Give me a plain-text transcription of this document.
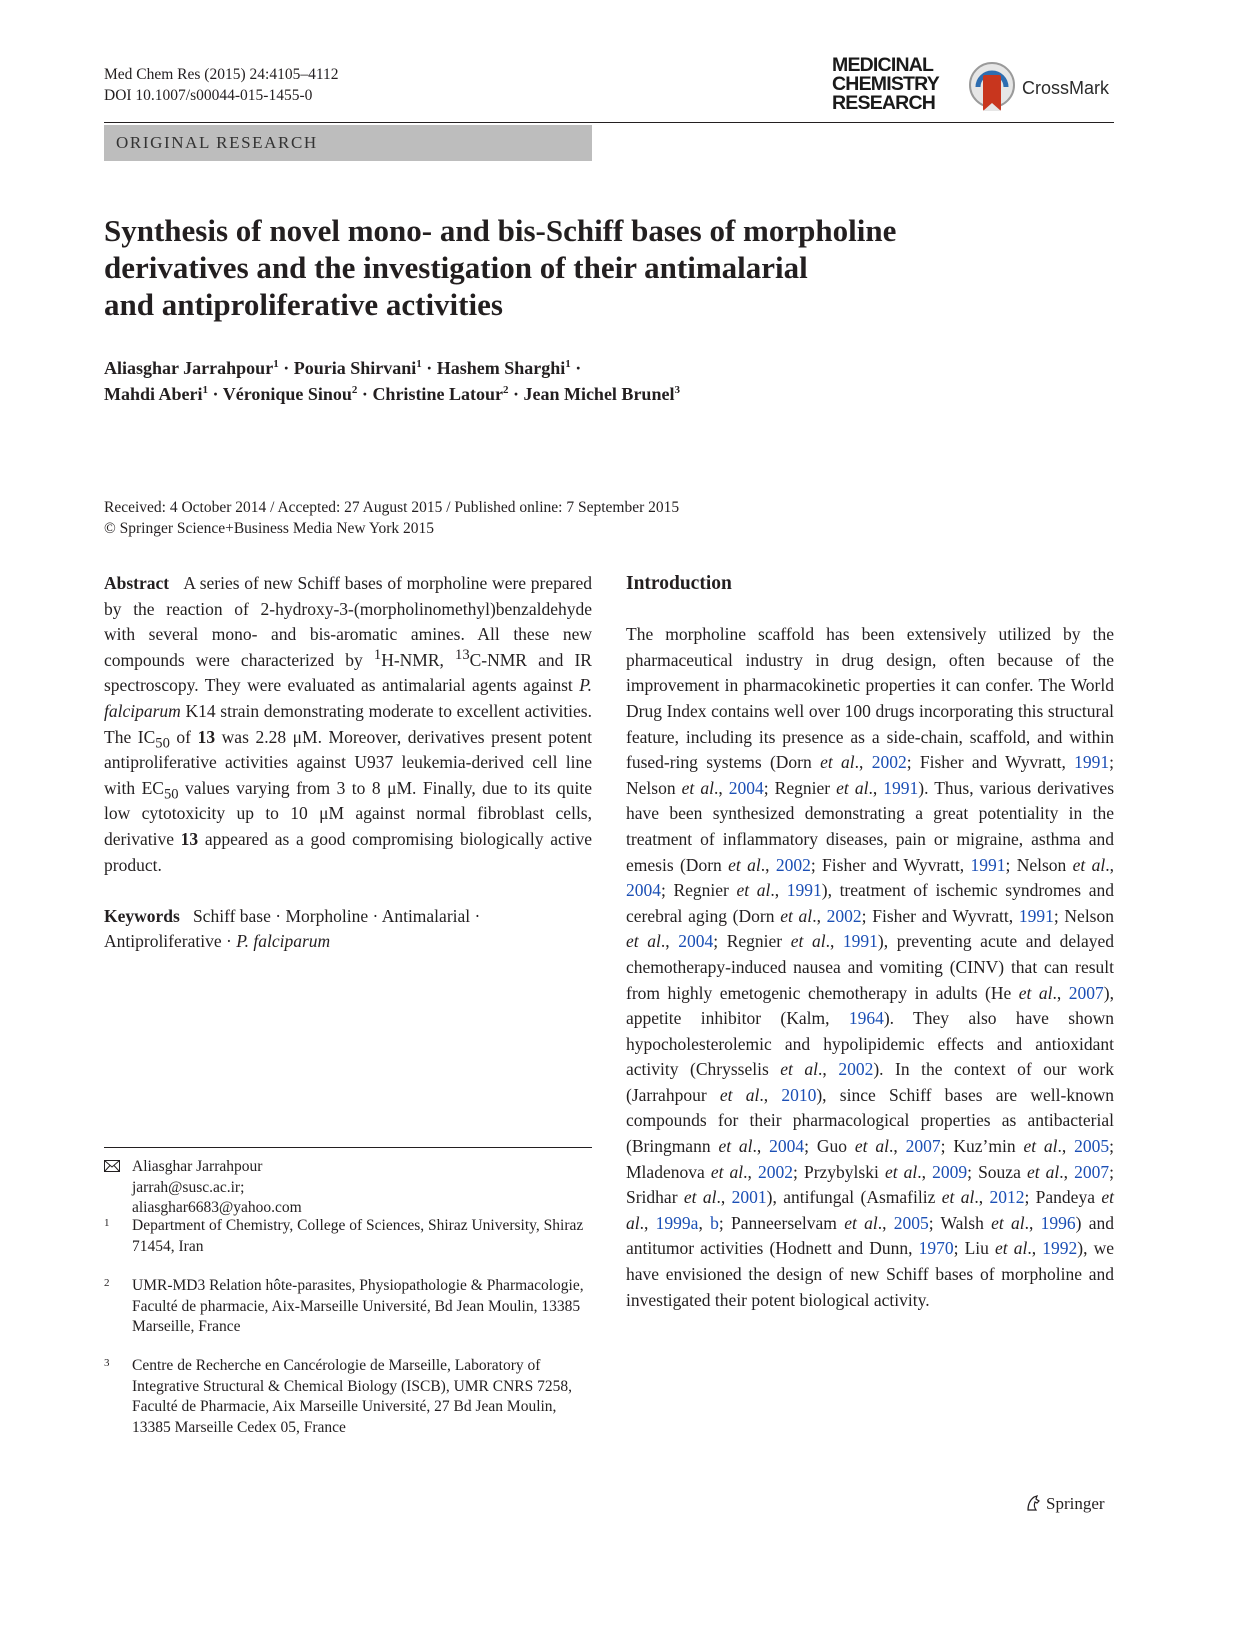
Med Chem Res (2015) 24:4105–4112
DOI 10.1007/s00044-015-1455-0
MEDICINAL
CHEMISTRY
RESEARCH
CrossMark
ORIGINAL RESEARCH
Synthesis of novel mono- and bis-Schiff bases of morpholine
derivatives and the investigation of their antimalarial
and antiproliferative activities
Aliasghar Jarrahpour$^1$ · Pouria Shirvani$^1$ · Hashem Sharghi$^1$ ·
Mahdi Aberi$^1$ · Véronique Sinou$^2$ · Christine Latour$^2$ · Jean Michel Brunel$^3$
Received: 4 October 2014 / Accepted: 27 August 2015 / Published online: 7 September 2015
© Springer Science+Business Media New York 2015

Abstract A series of new Schiff bases of morpholine were prepared by the reaction of 2-hydroxy-3-(morpholinomethyl)benzaldehyde with several mono- and bis-aromatic amines. All these new compounds were characterized by $^1$H-NMR, $^{13}$C-NMR and IR spectroscopy. They were evaluated as antimalarial agents against P. falciparum K14 strain demonstrating moderate to excellent activities. The $IC_{50}$ of 13 was 2.28 μM. Moreover, derivatives present potent antiproliferative activities against U937 leukemia-derived cell line with $EC_{50}$ values varying from 3 to 8 μM. Finally, due to its quite low cytotoxicity up to 10 μM against normal fibroblast cells, derivative 13 appeared as a good compromising biologically active product.

Keywords Schiff base · Morpholine · Antimalarial · Antiproliferative · P. falciparum

Aliasghar Jarrahpour
jarrah@susc.ac.ir;
aliasghar6683@yahoo.com
1 Department of Chemistry, College of Sciences, Shiraz University, Shiraz 71454, Iran
2 UMR-MD3 Relation hôte-parasites, Physiopathologie & Pharmacologie, Faculté de pharmacie, Aix-Marseille Université, Bd Jean Moulin, 13385 Marseille, France
3 Centre de Recherche en Cancérologie de Marseille, Laboratory of Integrative Structural & Chemical Biology (ISCB), UMR CNRS 7258, Faculté de Pharmacie, Aix Marseille Université, 27 Bd Jean Moulin, 13385 Marseille Cedex 05, France

Introduction

The morpholine scaffold has been extensively utilized by the pharmaceutical industry in drug design, often because of the improvement in pharmacokinetic properties it can confer. The World Drug Index contains well over 100 drugs incorporating this structural feature, including its presence as a side-chain, scaffold, and within fused-ring systems (Dorn et al., 2002; Fisher and Wyvratt, 1991; Nelson et al., 2004; Regnier et al., 1991). Thus, various derivatives have been synthesized demonstrating a great potentiality in the treatment of inflammatory diseases, pain or migraine, asthma and emesis (Dorn et al., 2002; Fisher and Wyvratt, 1991; Nelson et al., 2004; Regnier et al., 1991), treatment of ischemic syndromes and cerebral aging (Dorn et al., 2002; Fisher and Wyvratt, 1991; Nelson et al., 2004; Regnier et al., 1991), preventing acute and delayed chemotherapy-induced nausea and vomiting (CINV) that can result from highly emetogenic chemotherapy in adults (He et al., 2007), appetite inhibitor (Kalm, 1964). They also have shown hypocholesterolemic and hypolipidemic effects and antioxidant activity (Chrysselis et al., 2002). In the context of our work (Jarrahpour et al., 2010), since Schiff bases are well-known compounds for their pharmacological properties as antibacterial (Bringmann et al., 2004; Guo et al., 2007; Kuz’min et al., 2005; Mladenova et al., 2002; Przybylski et al., 2009; Souza et al., 2007; Sridhar et al., 2001), antifungal (Asmafiliz et al., 2012; Pandeya et al., 1999a, b; Panneerselvam et al., 2005; Walsh et al., 1996) and antitumor activities (Hodnett and Dunn, 1970; Liu et al., 1992), we have envisioned the design of new Schiff bases of morpholine and investigated their potent biological activity.

Springer
